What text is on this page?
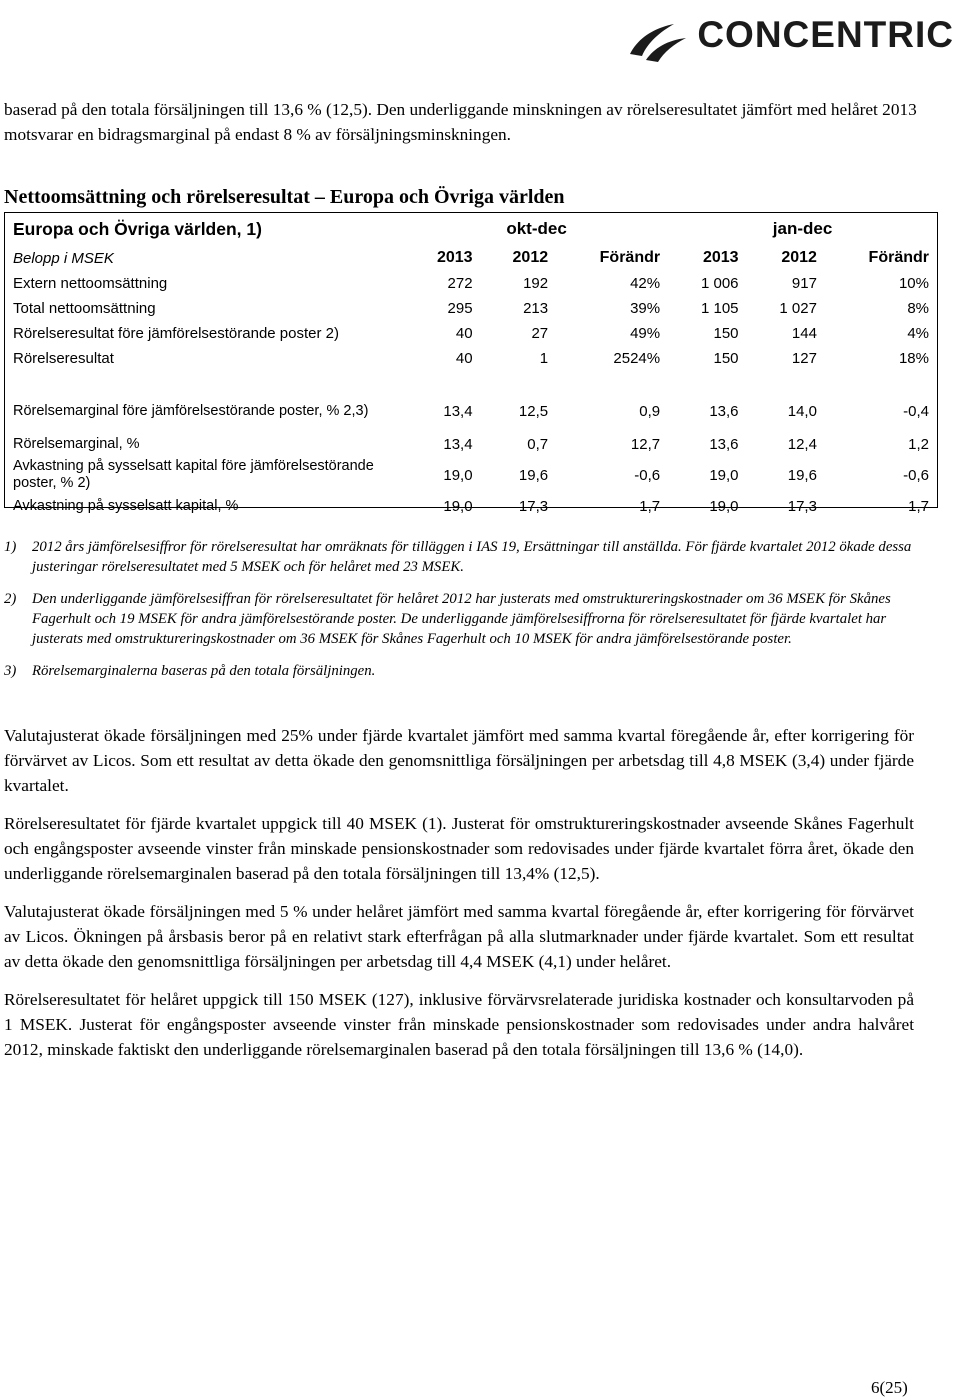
CONCENTRIC

baserad på den totala försäljningen till 13,6 % (12,5). Den underliggande minskningen av rörelseresultatet jämfört med helåret 2013 motsvarar en bidragsmarginal på endast 8 % av försäljningsminskningen.

Nettoomsättning och rörelseresultat – Europa och Övriga världen
Europa och Övriga världen, 1)	okt-dec			jan-dec		
Belopp i MSEK	2013	2012	Förändr	2013	2012	Förändr
Extern nettoomsättning	272	192	42%	1 006	917	10%
Total nettoomsättning	295	213	39%	1 105	1 027	8%
Rörelseresultat före jämförelsestörande poster 2)	40	27	49%	150	144	4%
Rörelseresultat	40	1	2524%	150	127	18%

Rörelsemarginal före jämförelsestörande poster, % 2,3)	13,4	12,5	0,9	13,6	14,0	-0,4
Rörelsemarginal, %	13,4	0,7	12,7	13,6	12,4	1,2
Avkastning på sysselsatt kapital före jämförelsestörande poster, % 2)	19,0	19,6	-0,6	19,0	19,6	-0,6
Avkastning på sysselsatt kapital, %	19,0	17,3	1,7	19,0	17,3	1,7

1) 2012 års jämförelsesiffror för rörelseresultat har omräknats för tilläggen i IAS 19, Ersättningar till anställda. För fjärde kvartalet 2012 ökade dessa justeringar rörelseresultatet med 5 MSEK och för helåret med 23 MSEK.

2) Den underliggande jämförelsesiffran för rörelseresultatet för helåret 2012 har justerats med omstruktureringskostnader om 36 MSEK för Skånes Fagerhult och 19 MSEK för andra jämförelsestörande poster. De underliggande jämförelsesiffrorna för rörelseresultatet för fjärde kvartalet har justerats med omstruktureringskostnader om 36 MSEK för Skånes Fagerhult och 10 MSEK för andra jämförelsestörande poster.

3) Rörelsemarginalerna baseras på den totala försäljningen.

Valutajusterat ökade försäljningen med 25% under fjärde kvartalet jämfört med samma kvartal föregående år, efter korrigering för förvärvet av Licos. Som ett resultat av detta ökade den genomsnittliga försäljningen per arbetsdag till 4,8 MSEK (3,4) under fjärde kvartalet.

Rörelseresultatet för fjärde kvartalet uppgick till 40 MSEK (1). Justerat för omstruktureringskostnader avseende Skånes Fagerhult och engångsposter avseende vinster från minskade pensionskostnader som redovisades under fjärde kvartalet förra året, ökade den underliggande rörelsemarginalen baserad på den totala försäljningen till 13,4% (12,5).

Valutajusterat ökade försäljningen med 5 % under helåret jämfört med samma kvartal föregående år, efter korrigering för förvärvet av Licos. Ökningen på årsbasis beror på en relativt stark efterfrågan på alla slutmarknader under fjärde kvartalet. Som ett resultat av detta ökade den genomsnittliga försäljningen per arbetsdag till 4,4 MSEK (4,1) under helåret.

Rörelseresultatet för helåret uppgick till 150 MSEK (127), inklusive förvärvsrelaterade juridiska kostnader och konsultarvoden på 1 MSEK. Justerat för engångsposter avseende vinster från minskade pensionskostnader som redovisades under andra halvåret 2012, minskade faktiskt den underliggande rörelsemarginalen baserad på den totala försäljningen till 13,6 % (14,0).

6(25)
